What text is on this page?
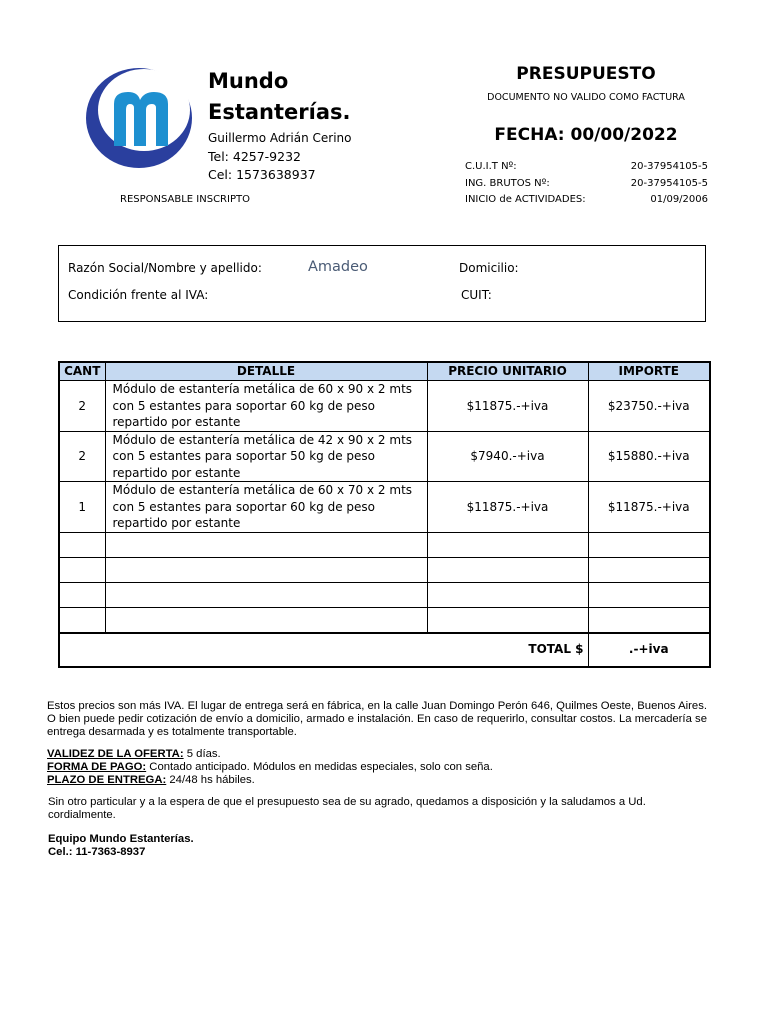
Mundo
Estanterías.
Guillermo Adrián Cerino
Tel: 4257-9232
Cel: 1573638937
RESPONSABLE INSCRIPTO
PRESUPUESTO
DOCUMENTO NO VALIDO COMO FACTURA
FECHA: 00/00/2022
C.U.I.T Nº:	20-37954105-5
ING. BRUTOS Nº:	20-37954105-5
INICIO de ACTIVIDADES:	01/09/2006
Razón Social/Nombre y apellido:	Amadeo	Domicilio:
Condición frente al IVA:	CUIT:
CANT	DETALLE	PRECIO UNITARIO	IMPORTE
2	Módulo de estantería metálica de 60 x 90 x 2 mts con 5 estantes para soportar 60 kg de peso repartido por estante	$11875.-+iva	$23750.-+iva
2	Módulo de estantería metálica de 42 x 90 x 2 mts con 5 estantes para soportar 50 kg de peso repartido por estante	$7940.-+iva	$15880.-+iva
1	Módulo de estantería metálica de 60 x 70 x 2 mts con 5 estantes para soportar 60 kg de peso repartido por estante	$11875.-+iva	$11875.-+iva

TOTAL $			.-+iva
Estos precios son más IVA. El lugar de entrega será en fábrica, en la calle Juan Domingo Perón 646, Quilmes Oeste, Buenos Aires. O bien puede pedir cotización de envío a domicilio, armado e instalación. En caso de requerirlo, consultar costos. La mercadería se entrega desarmada y es totalmente transportable.
VALIDEZ DE LA OFERTA: 5 días.
FORMA DE PAGO: Contado anticipado. Módulos en medidas especiales, solo con seña.
PLAZO DE ENTREGA: 24/48 hs hábiles.
Sin otro particular y a la espera de que el presupuesto sea de su agrado, quedamos a disposición y la saludamos a Ud. cordialmente.
Equipo Mundo Estanterías.
Cel.: 11-7363-8937
